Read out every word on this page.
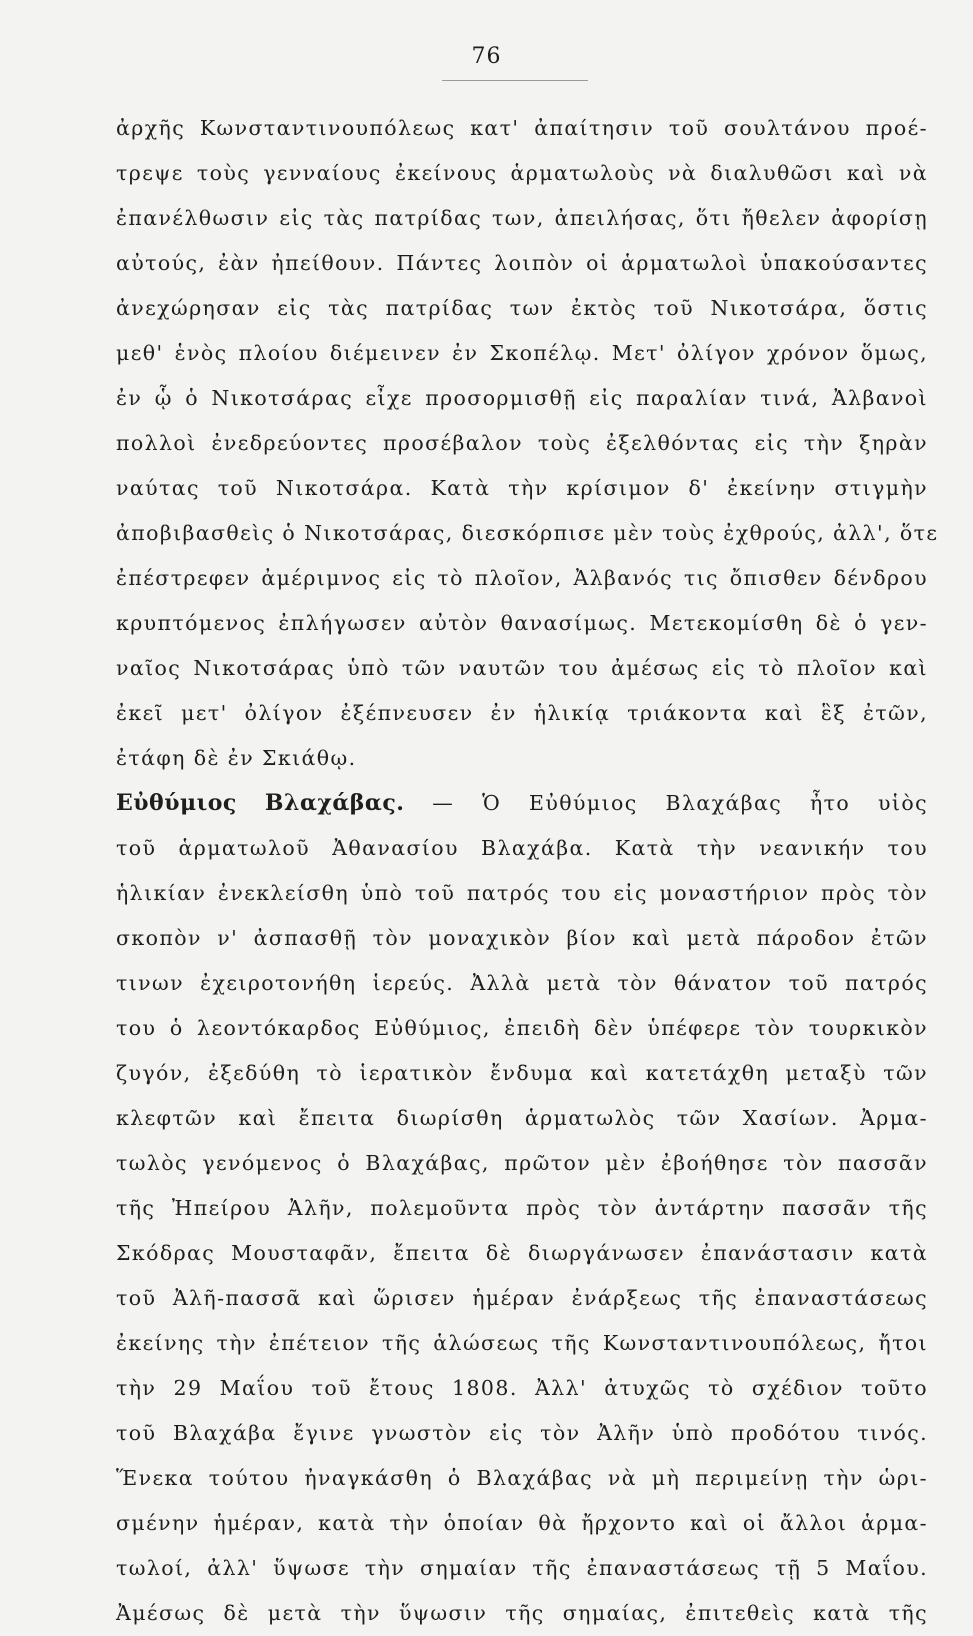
76
ἀρχῆς Κωνσταντινουπόλεως κατ' ἀπαίτησιν τοῦ σουλτάνου προέ-
τρεψε τοὺς γενναίους ἐκείνους ἁρματωλοὺς νὰ διαλυθῶσι καὶ νὰ
ἐπανέλθωσιν εἰς τὰς πατρίδας των, ἀπειλήσας, ὅτι ἤθελεν ἀφορίσῃ
αὐτούς, ἐὰν ἠπείθουν. Πάντες λοιπὸν οἱ ἁρματωλοὶ ὑπακούσαντες
ἀνεχώρησαν εἰς τὰς πατρίδας των ἐκτὸς τοῦ Νικοτσάρα, ὅστις
μεθ' ἑνὸς πλοίου διέμεινεν ἐν Σκοπέλῳ. Μετ' ὀλίγον χρόνον ὅμως,
ἐν ᾧ ὁ Νικοτσάρας εἶχε προσορμισθῇ εἰς παραλίαν τινά, Ἀλβανοὶ
πολλοὶ ἐνεδρεύοντες προσέβαλον τοὺς ἐξελθόντας εἰς τὴν ξηρὰν
ναύτας τοῦ Νικοτσάρα. Κατὰ τὴν κρίσιμον δ' ἐκείνην στιγμὴν
ἀποβιβασθεὶς ὁ Νικοτσάρας, διεσκόρπισε μὲν τοὺς ἐχθρούς, ἀλλ', ὅτε
ἐπέστρεφεν ἀμέριμνος εἰς τὸ πλοῖον, Ἀλβανός τις ὄπισθεν δένδρου
κρυπτόμενος ἐπλήγωσεν αὐτὸν θανασίμως. Μετεκομίσθη δὲ ὁ γεν-
ναῖος Νικοτσάρας ὑπὸ τῶν ναυτῶν του ἀμέσως εἰς τὸ πλοῖον καὶ
ἐκεῖ μετ' ὀλίγον ἐξέπνευσεν ἐν ἡλικίᾳ τριάκοντα καὶ ἓξ ἐτῶν,
ἐτάφη δὲ ἐν Σκιάθῳ.
Εὐθύμιος Βλαχάβας. — Ὁ Εὐθύμιος Βλαχάβας ἦτο υἱὸς
τοῦ ἁρματωλοῦ Ἀθανασίου Βλαχάβα. Κατὰ τὴν νεανικήν του
ἡλικίαν ἐνεκλείσθη ὑπὸ τοῦ πατρός του εἰς μοναστήριον πρὸς τὸν
σκοπὸν ν' ἀσπασθῇ τὸν μοναχικὸν βίον καὶ μετὰ πάροδον ἐτῶν
τινων ἐχειροτονήθη ἱερεύς. Ἀλλὰ μετὰ τὸν θάνατον τοῦ πατρός
του ὁ λεοντόκαρδος Εὐθύμιος, ἐπειδὴ δὲν ὑπέφερε τὸν τουρκικὸν
ζυγόν, ἐξεδύθη τὸ ἱερατικὸν ἔνδυμα καὶ κατετάχθη μεταξὺ τῶν
κλεφτῶν καὶ ἔπειτα διωρίσθη ἁρματωλὸς τῶν Χασίων. Ἀρμα-
τωλὸς γενόμενος ὁ Βλαχάβας, πρῶτον μὲν ἐβοήθησε τὸν πασσᾶν
τῆς Ἠπείρου Ἀλῆν, πολεμοῦντα πρὸς τὸν ἀντάρτην πασσᾶν τῆς
Σκόδρας Μουσταφᾶν, ἔπειτα δὲ διωργάνωσεν ἐπανάστασιν κατὰ
τοῦ Ἀλῆ-πασσᾶ καὶ ὥρισεν ἡμέραν ἐνάρξεως τῆς ἐπαναστάσεως
ἐκείνης τὴν ἐπέτειον τῆς ἁλώσεως τῆς Κωνσταντινουπόλεως, ἤτοι
τὴν 29 Μαΐου τοῦ ἔτους 1808. Ἀλλ' ἀτυχῶς τὸ σχέδιον τοῦτο
τοῦ Βλαχάβα ἔγινε γνωστὸν εἰς τὸν Ἀλῆν ὑπὸ προδότου τινός.
Ἕνεκα τούτου ἠναγκάσθη ὁ Βλαχάβας νὰ μὴ περιμείνῃ τὴν ὡρι-
σμένην ἡμέραν, κατὰ τὴν ὁποίαν θὰ ἤρχοντο καὶ οἱ ἄλλοι ἁρμα-
τωλοί, ἀλλ' ὕψωσε τὴν σημαίαν τῆς ἐπαναστάσεως τῇ 5 Μαΐου.
Ἀμέσως δὲ μετὰ τὴν ὕψωσιν τῆς σημαίας, ἐπιτεθεὶς κατὰ τῆς
